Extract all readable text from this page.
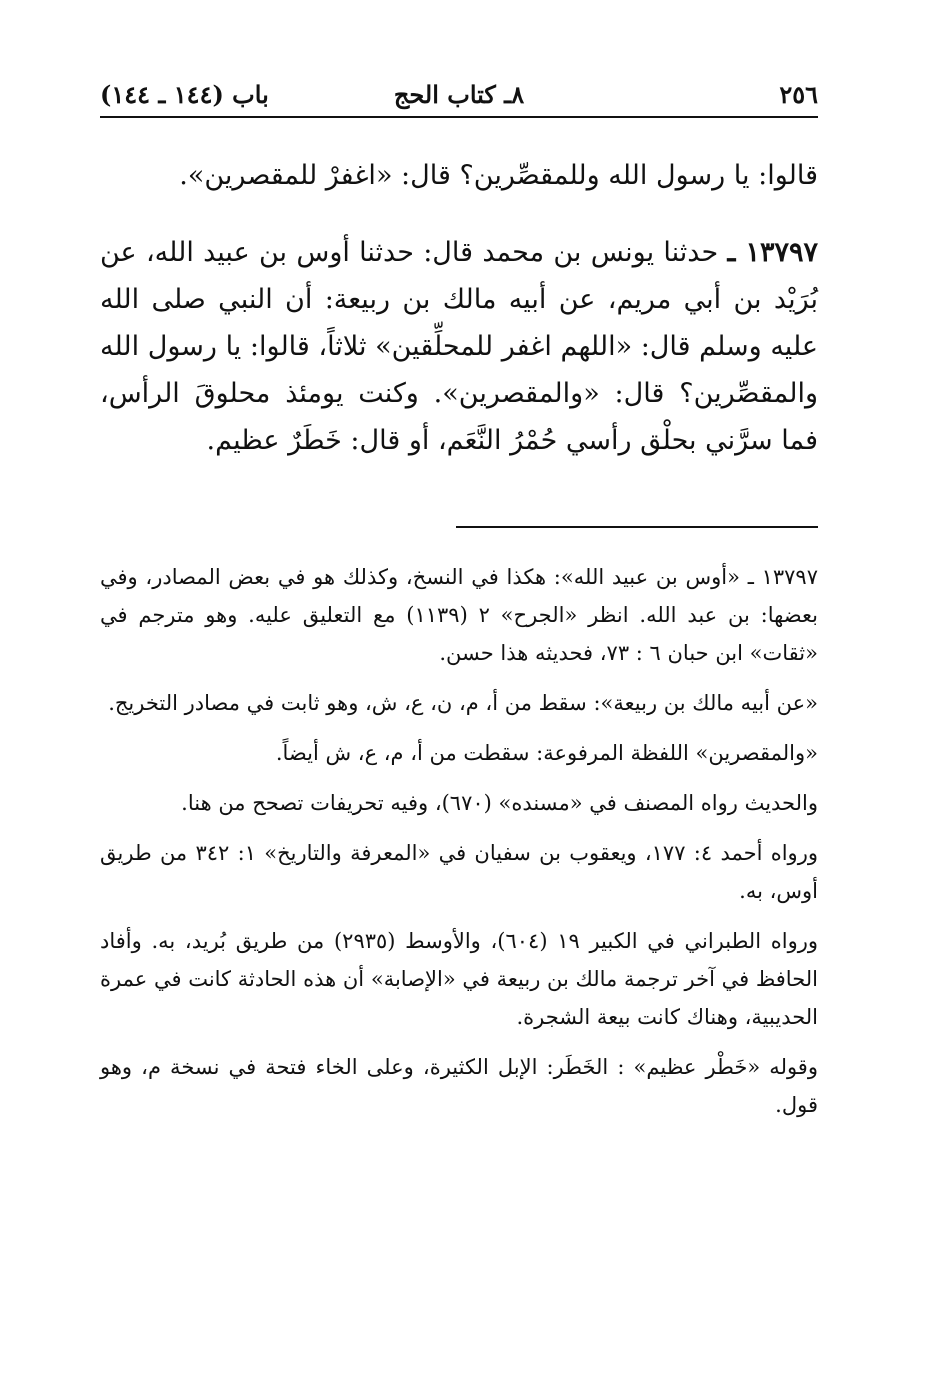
٢٥٦
٨ـ كتاب الحج
باب (١٤٤ ـ ١٤٤)

قالوا: يا رسول الله وللمقصِّرين؟ قال: «اغفرْ للمقصرين».

١٣٧٩٧ ـ حدثنا يونس بن محمد قال: حدثنا أوس بن عبيد الله، عن بُرَيْد بن أبي مريم، عن أبيه مالك بن ربيعة: أن النبي صلى الله عليه وسلم قال: «اللهم اغفر للمحلِّقين» ثلاثاً، قالوا: يا رسول الله والمقصِّرين؟ قال: «والمقصرين». وكنت يومئذ محلوقَ الرأس، فما سرَّني بحلْق رأسي حُمْرُ النَّعَم، أو قال: خَطَرٌ عظيم.

١٣٧٩٧ ـ «أوس بن عبيد الله»: هكذا في النسخ، وكذلك هو في بعض المصادر، وفي بعضها: بن عبد الله. انظر «الجرح» ٢ (١١٣٩) مع التعليق عليه. وهو مترجم في «ثقات» ابن حبان ٦ : ٧٣، فحديثه هذا حسن.

«عن أبيه مالك بن ربيعة»: سقط من أ، م، ن، ع، ش، وهو ثابت في مصادر التخريج.

«والمقصرين» اللفظة المرفوعة: سقطت من أ، م، ع، ش أيضاً.

والحديث رواه المصنف في «مسنده» (٦٧٠)، وفيه تحريفات تصحح من هنا.

ورواه أحمد ٤: ١٧٧، ويعقوب بن سفيان في «المعرفة والتاريخ» ١: ٣٤٢ من طريق أوس، به.

ورواه الطبراني في الكبير ١٩ (٦٠٤)، والأوسط (٢٩٣٥) من طريق بُريد، به. وأفاد الحافظ في آخر ترجمة مالك بن ربيعة في «الإصابة» أن هذه الحادثة كانت في عمرة الحديبية، وهناك كانت بيعة الشجرة.

وقوله «خَطْر عظيم» : الخَطَر: الإبل الكثيرة، وعلى الخاء فتحة في نسخة م، وهو قول.
